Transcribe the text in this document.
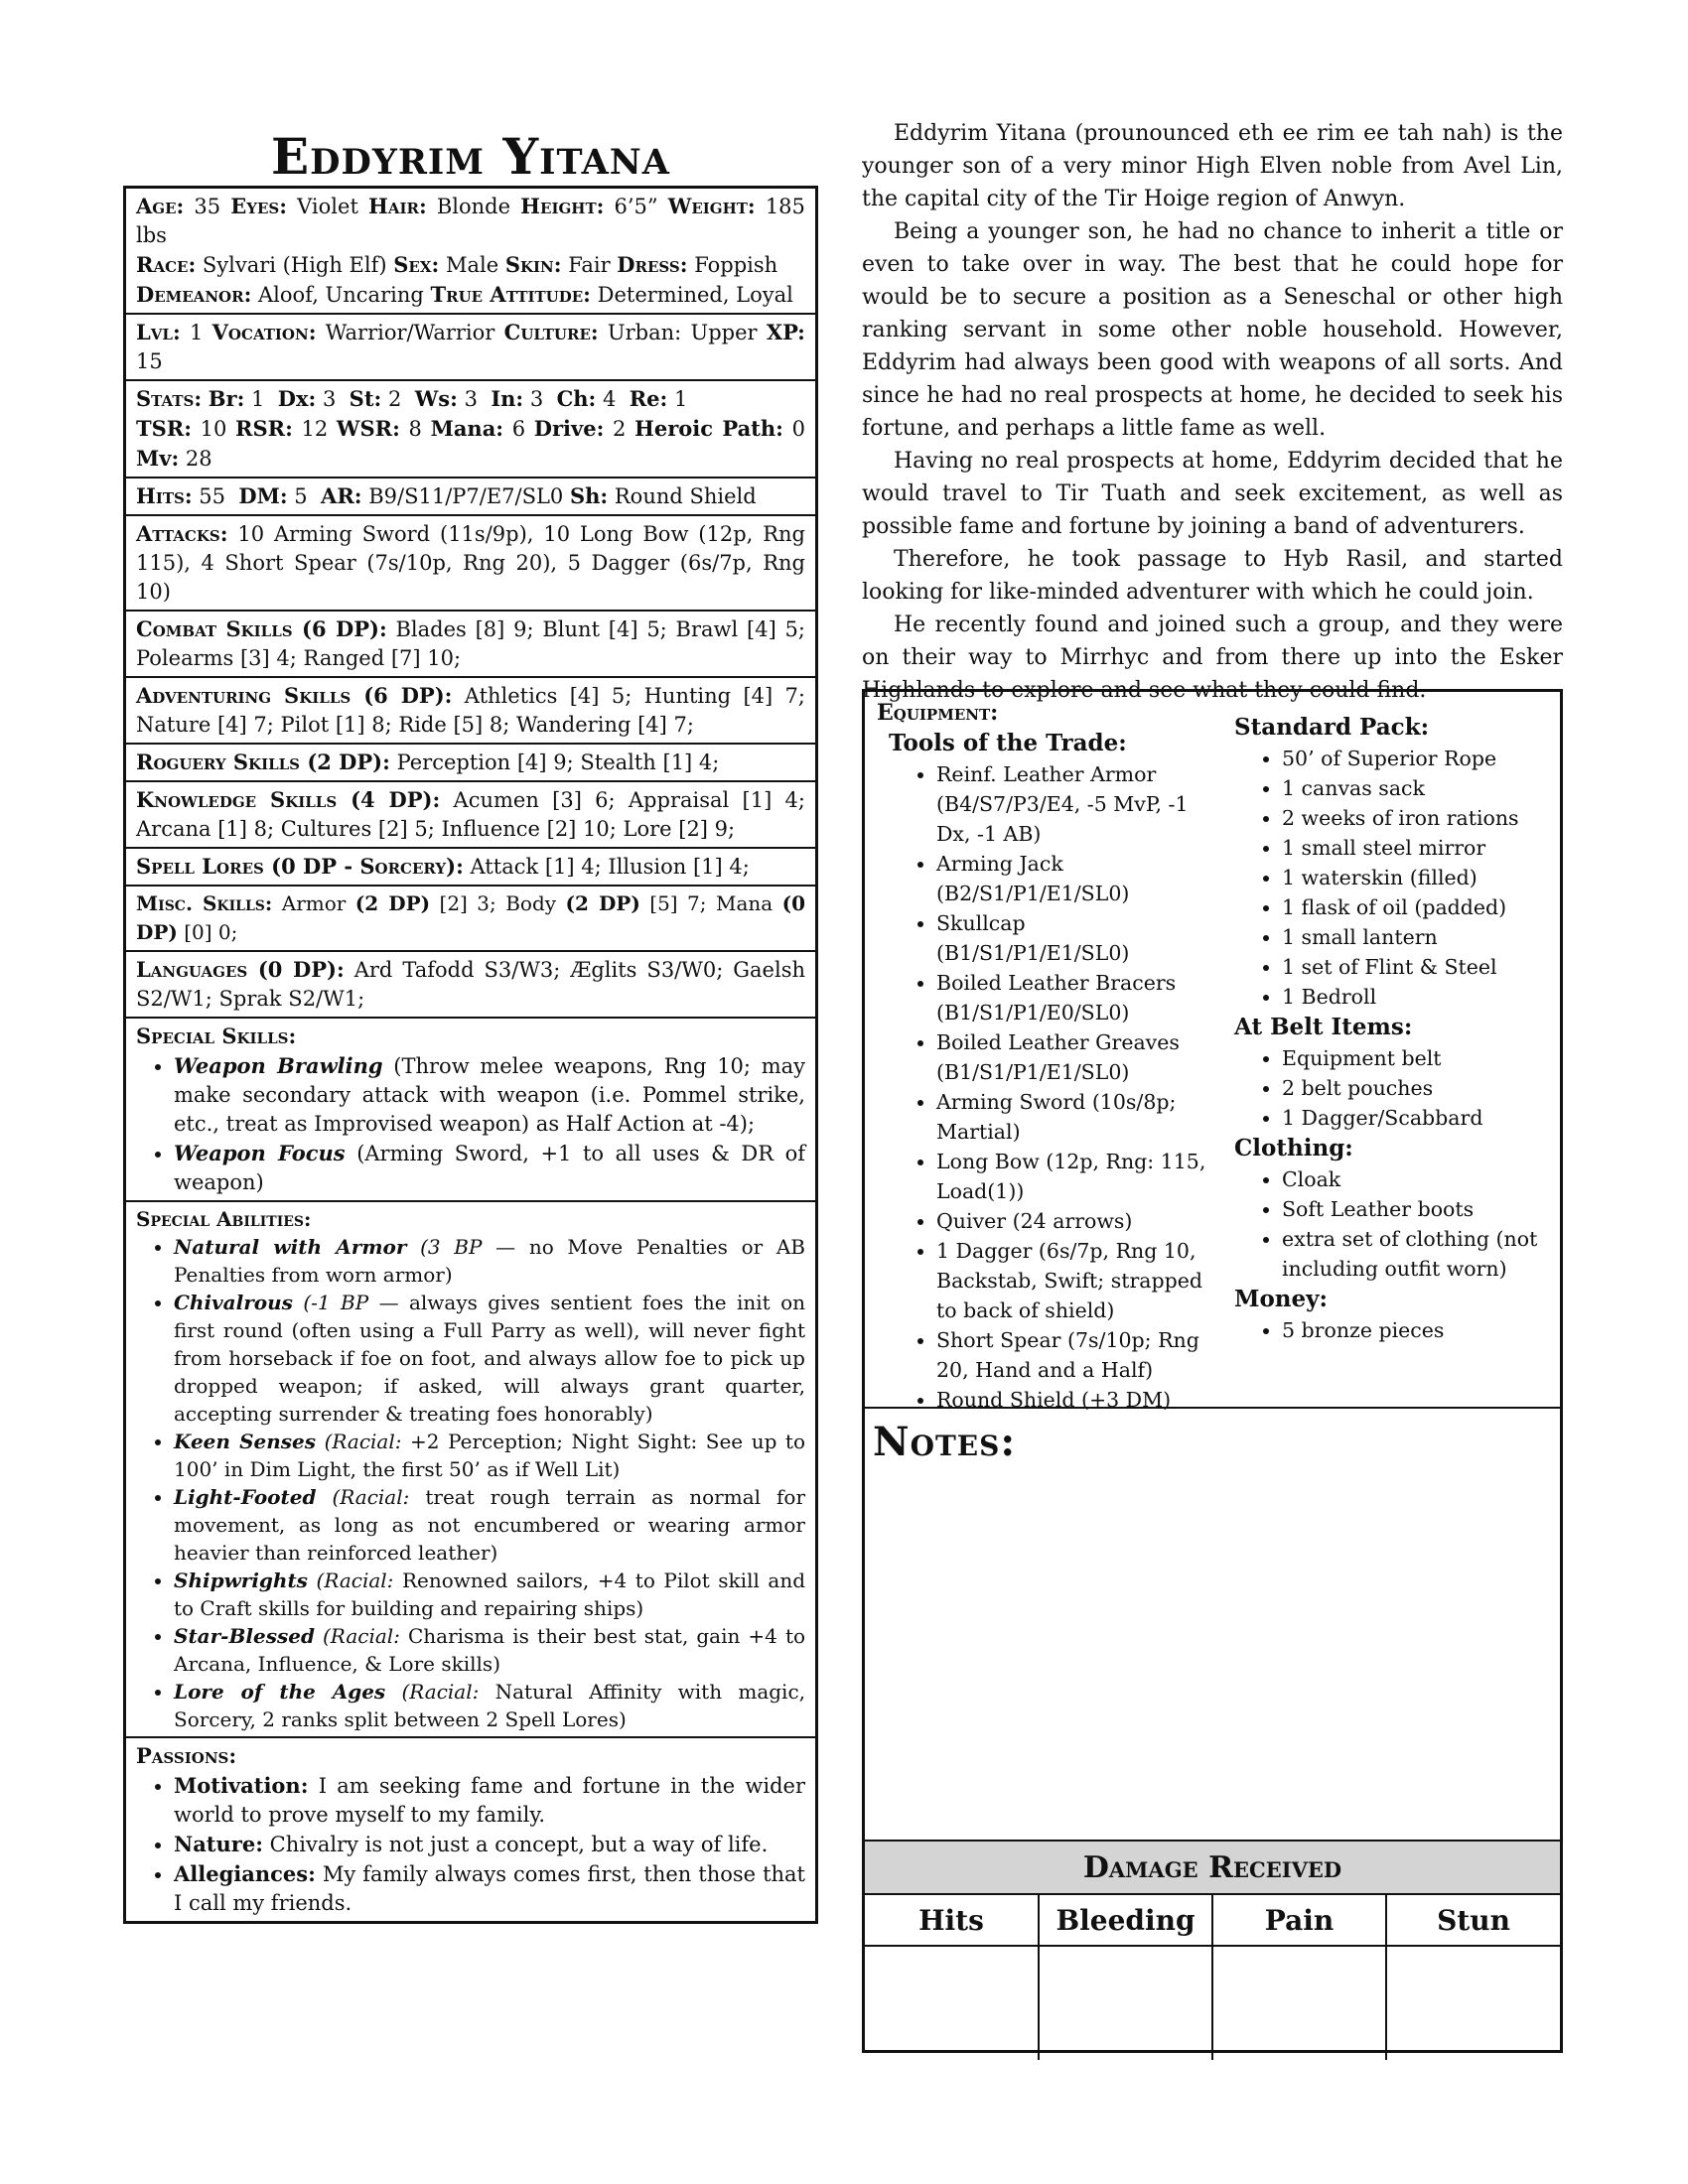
Eddyrim Yitana

Age: 35 Eyes: Violet Hair: Blonde Height: 6’5” Weight: 185 lbs

Race: Sylvari (High Elf) Sex: Male Skin: Fair Dress: Foppish

Demeanor: Aloof, Uncaring True Attitude: Determined, Loyal

Lvl: 1 Vocation: Warrior/Warrior Culture: Urban: Upper XP: 15

Stats: Br: 1 Dx: 3 St: 2 Ws: 3 In: 3 Ch: 4 Re: 1

TSR: 10 RSR: 12 WSR: 8 Mana: 6 Drive: 2 Heroic Path: 0 Mv: 28

Hits: 55 DM: 5 AR: B9/S11/P7/E7/SL0 Sh: Round Shield

Attacks: 10 Arming Sword (11s/9p), 10 Long Bow (12p, Rng 115), 4 Short Spear (7s/10p, Rng 20), 5 Dagger (6s/7p, Rng 10)

Combat Skills (6 DP): Blades [8] 9; Blunt [4] 5; Brawl [4] 5; Polearms [3] 4; Ranged [7] 10;

Adventuring Skills (6 DP): Athletics [4] 5; Hunting [4] 7; Nature [4] 7; Pilot [1] 8; Ride [5] 8; Wandering [4] 7;

Roguery Skills (2 DP): Perception [4] 9; Stealth [1] 4;

Knowledge Skills (4 DP): Acumen [3] 6; Appraisal [1] 4; Arcana [1] 8; Cultures [2] 5; Influence [2] 10; Lore [2] 9;

Spell Lores (0 DP - Sorcery): Attack [1] 4; Illusion [1] 4;

Misc. Skills: Armor (2 DP) [2] 3; Body (2 DP) [5] 7; Mana (0 DP) [0] 0;

Languages (0 DP): Ard Tafodd S3/W3; Æglits S3/W0; Gaelsh S2/W1; Sprak S2/W1;

Special Skills:

• Weapon Brawling (Throw melee weapons, Rng 10; may make secondary attack with weapon (i.e. Pommel strike, etc., treat as Improvised weapon) as Half Action at -4);
• Weapon Focus (Arming Sword, +1 to all uses & DR of weapon)

Special Abilities:

• Natural with Armor (3 BP — no Move Penalties or AB Penalties from worn armor)
• Chivalrous (-1 BP — always gives sentient foes the init on first round (often using a Full Parry as well), will never fight from horseback if foe on foot, and always allow foe to pick up dropped weapon; if asked, will always grant quarter, accepting surrender & treating foes honorably)
• Keen Senses (Racial: +2 Perception; Night Sight: See up to 100’ in Dim Light, the first 50’ as if Well Lit)
• Light-Footed (Racial: treat rough terrain as normal for movement, as long as not encumbered or wearing armor heavier than reinforced leather)
• Shipwrights (Racial: Renowned sailors, +4 to Pilot skill and to Craft skills for building and repairing ships)
• Star-Blessed (Racial: Charisma is their best stat, gain +4 to Arcana, Influence, & Lore skills)
• Lore of the Ages (Racial: Natural Affinity with magic, Sorcery, 2 ranks split between 2 Spell Lores)

Passions:

• Motivation: I am seeking fame and fortune in the wider world to prove myself to my family.
• Nature: Chivalry is not just a concept, but a way of life.
• Allegiances: My family always comes first, then those that I call my friends.

Eddyrim Yitana (prounounced eth ee rim ee tah nah) is the younger son of a very minor High Elven noble from Avel Lin, the capital city of the Tir Hoige region of Anwyn.

Being a younger son, he had no chance to inherit a title or even to take over in way. The best that he could hope for would be to secure a position as a Seneschal or other high ranking servant in some other noble household. However, Eddyrim had always been good with weapons of all sorts. And since he had no real prospects at home, he decided to seek his fortune, and perhaps a little fame as well.

Having no real prospects at home, Eddyrim decided that he would travel to Tir Tuath and seek excitement, as well as possible fame and fortune by joining a band of adventurers.

Therefore, he took passage to Hyb Rasil, and started looking for like-minded adventurer with which he could join.

He recently found and joined such a group, and they were on their way to Mirrhyc and from there up into the Esker Highlands to explore and see what they could find.

Equipment:

Tools of the Trade:

• Reinf. Leather Armor (B4/S7/P3/E4, -5 MvP, -1 Dx, -1 AB)
• Arming Jack (B2/S1/P1/E1/SL0)
• Skullcap (B1/S1/P1/E1/SL0)
• Boiled Leather Bracers (B1/S1/P1/E0/SL0)
• Boiled Leather Greaves (B1/S1/P1/E1/SL0)
• Arming Sword (10s/8p; Martial)
• Long Bow (12p, Rng: 115, Load(1))
• Quiver (24 arrows)
• 1 Dagger (6s/7p, Rng 10, Backstab, Swift; strapped to back of shield)
• Short Spear (7s/10p; Rng 20, Hand and a Half)
• Round Shield (+3 DM)

Standard Pack:

• 50’ of Superior Rope
• 1 canvas sack
• 2 weeks of iron rations
• 1 small steel mirror
• 1 waterskin (filled)
• 1 flask of oil (padded)
• 1 small lantern
• 1 set of Flint & Steel
• 1 Bedroll

At Belt Items:

• Equipment belt
• 2 belt pouches
• 1 Dagger/Scabbard

Clothing:

• Cloak
• Soft Leather boots
• extra set of clothing (not including outfit worn)

Money:

• 5 bronze pieces
Notes:
Damage Received
Hits	Bleeding	Pain	Stun
